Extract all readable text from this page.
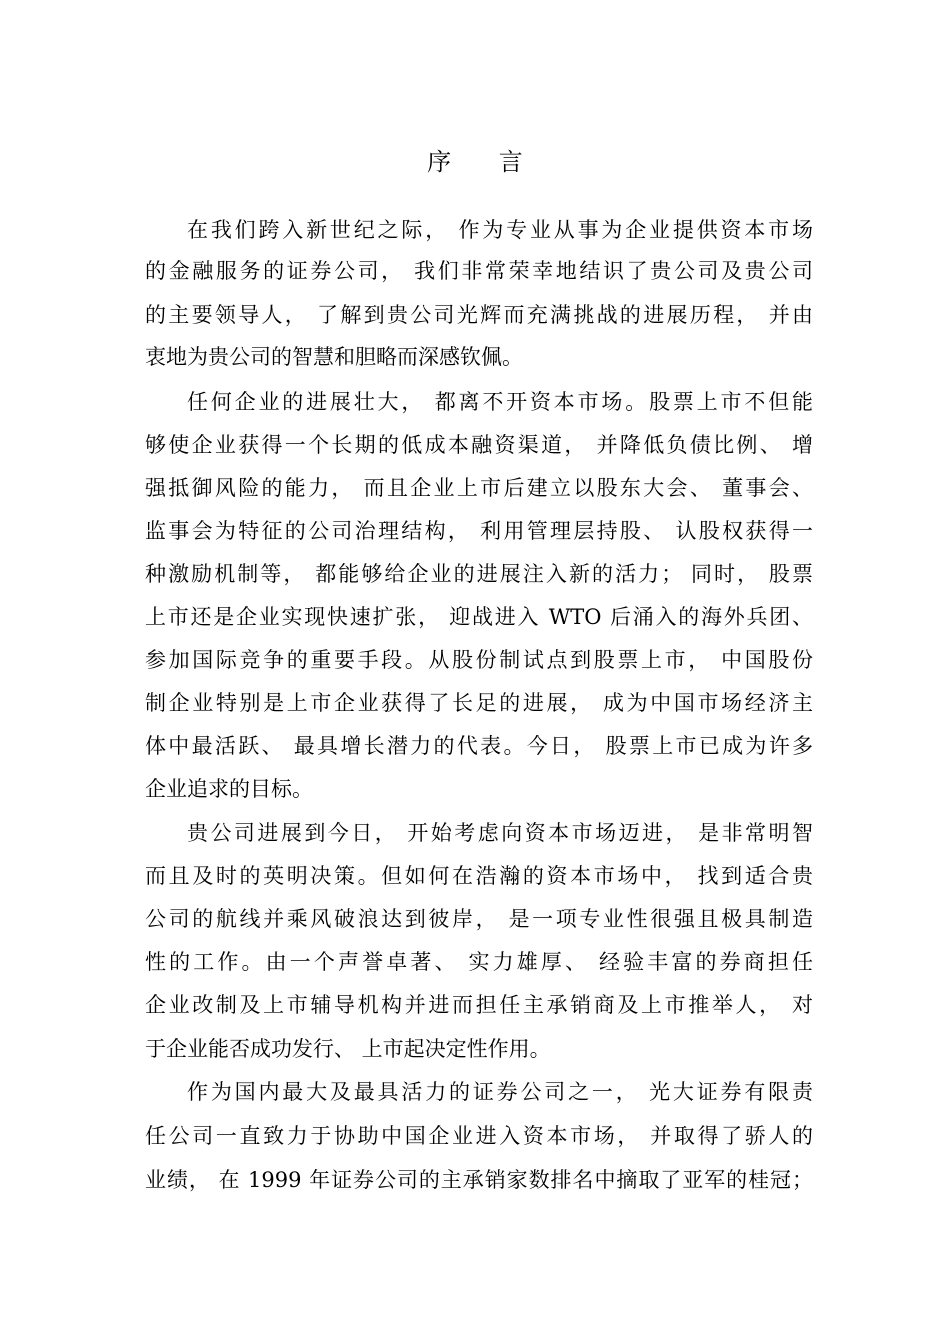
序 言
在我们跨入新世纪之际， 作为专业从事为企业提供资本市场
的金融服务的证券公司， 我们非常荣幸地结识了贵公司及贵公司
的主要领导人， 了解到贵公司光辉而充满挑战的进展历程， 并由
衷地为贵公司的智慧和胆略而深感钦佩。
任何企业的进展壮大， 都离不开资本市场。股票上市不但能
够使企业获得一个长期的低成本融资渠道， 并降低负债比例、 增
强抵御风险的能力， 而且企业上市后建立以股东大会、 董事会、
监事会为特征的公司治理结构， 利用管理层持股、 认股权获得一
种激励机制等， 都能够给企业的进展注入新的活力； 同时， 股票
上市还是企业实现快速扩张， 迎战进入 WTO 后涌入的海外兵团、
参加国际竞争的重要手段。从股份制试点到股票上市， 中国股份
制企业特别是上市企业获得了长足的进展， 成为中国市场经济主
体中最活跃、 最具增长潜力的代表。今日， 股票上市已成为许多
企业追求的目标。
贵公司进展到今日， 开始考虑向资本市场迈进， 是非常明智
而且及时的英明决策。但如何在浩瀚的资本市场中， 找到适合贵
公司的航线并乘风破浪达到彼岸， 是一项专业性很强且极具制造
性的工作。由一个声誉卓著、 实力雄厚、 经验丰富的券商担任
企业改制及上市辅导机构并进而担任主承销商及上市推举人， 对
于企业能否成功发行、 上市起决定性作用。
作为国内最大及最具活力的证券公司之一， 光大证券有限责
任公司一直致力于协助中国企业进入资本市场， 并取得了骄人的
业绩， 在 1999 年证券公司的主承销家数排名中摘取了亚军的桂冠；
